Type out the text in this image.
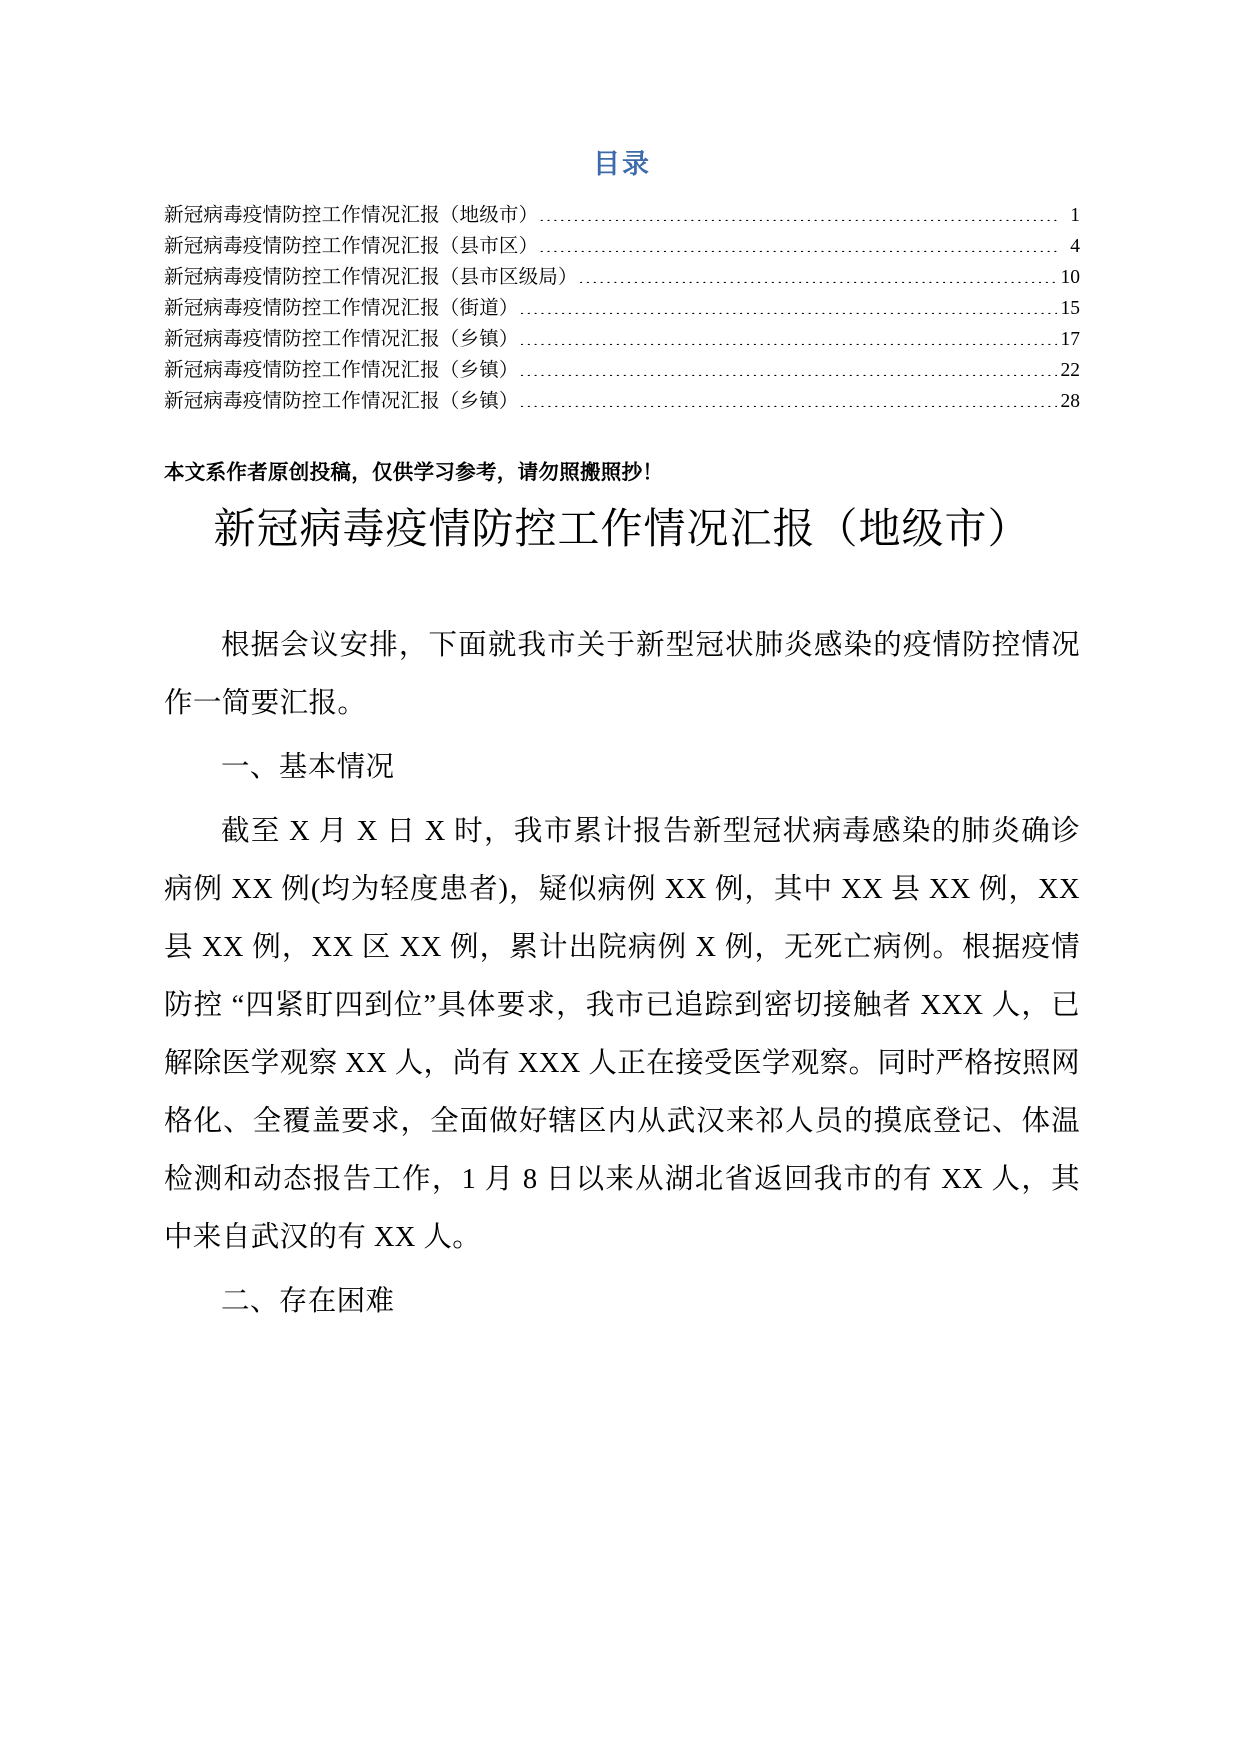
目录
新冠病毒疫情防控工作情况汇报（地级市） .....	1
新冠病毒疫情防控工作情况汇报（县市区） .....	4
新冠病毒疫情防控工作情况汇报（县市区级局） .....	10
新冠病毒疫情防控工作情况汇报（街道） .....	15
新冠病毒疫情防控工作情况汇报（乡镇） .....	17
新冠病毒疫情防控工作情况汇报（乡镇） .....	22
新冠病毒疫情防控工作情况汇报（乡镇） .....	28
本文系作者原创投稿，仅供学习参考，请勿照搬照抄！
新冠病毒疫情防控工作情况汇报（地级市）

根据会议安排，下面就我市关于新型冠状肺炎感染的疫情防控情况作一简要汇报。

一、基本情况

截至 X 月 X 日 X 时，我市累计报告新型冠状病毒感染的肺炎确诊病例 XX 例(均为轻度患者)，疑似病例 XX 例，其中 XX 县 XX 例，XX 县 XX 例，XX 区 XX 例，累计出院病例 X 例，无死亡病例。根据疫情防控 “四紧盯四到位”具体要求，我市已追踪到密切接触者 XXX 人，已解除医学观察 XX 人，尚有 XXX 人正在接受医学观察。同时严格按照网格化、全覆盖要求，全面做好辖区内从武汉来祁人员的摸底登记、体温检测和动态报告工作，1 月 8 日以来从湖北省返回我市的有 XX 人，其中来自武汉的有 XX 人。

二、存在困难
